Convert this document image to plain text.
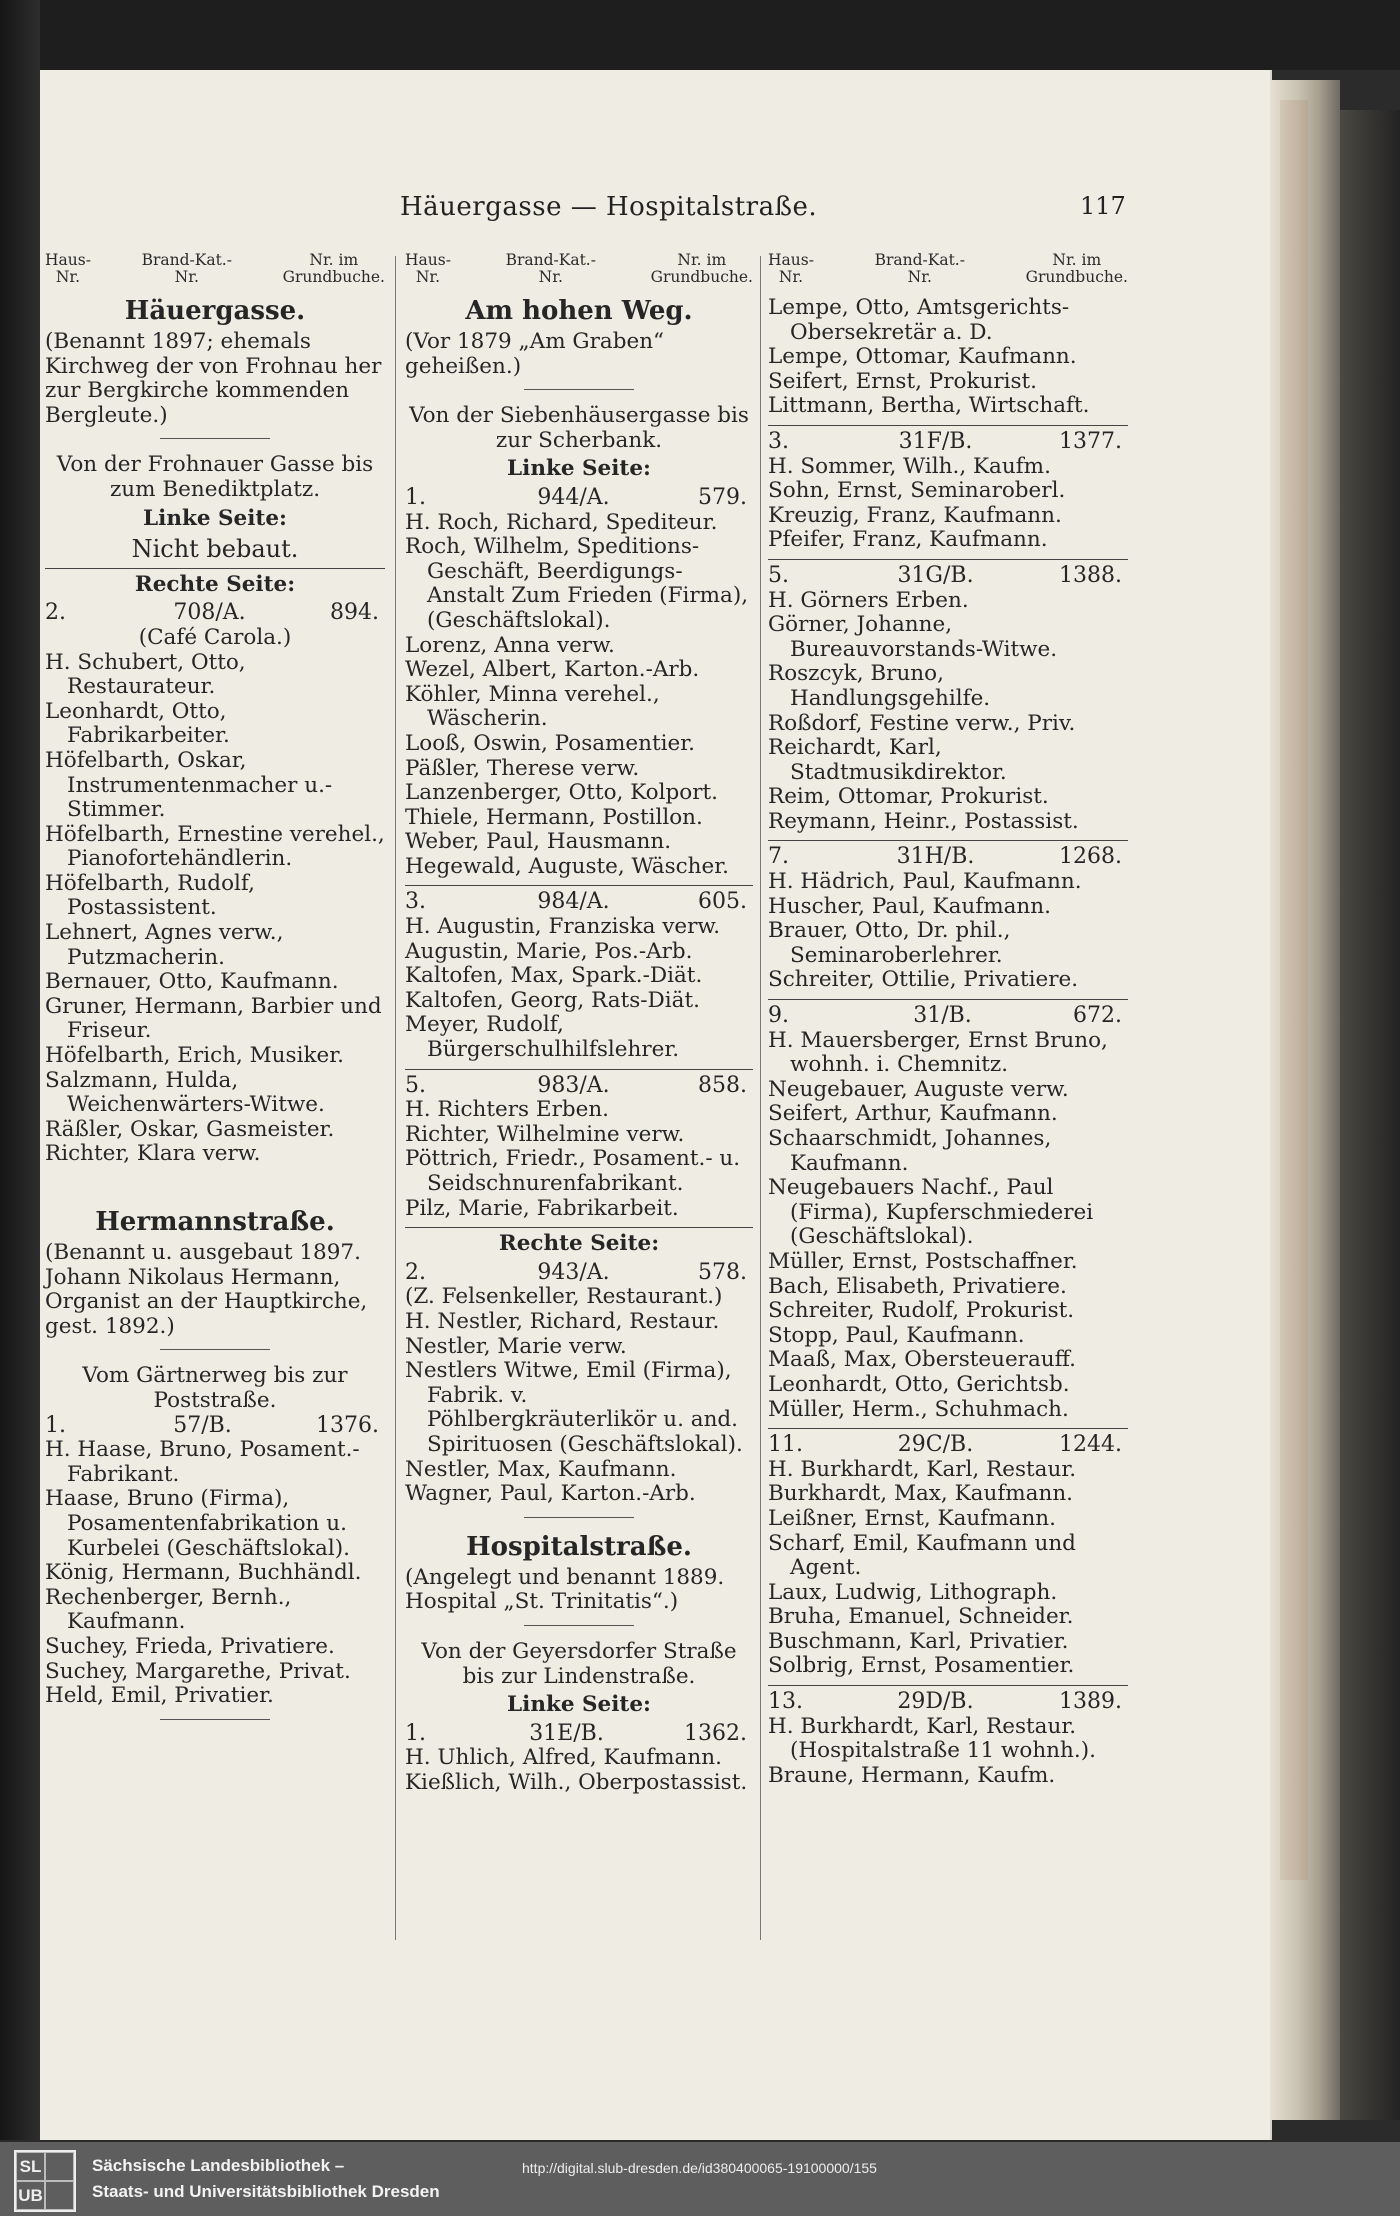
Häuergasse — Hospitalstraße.	117
Haus-
Nr.
Brand-Kat.-
Nr.
Nr. im
Grundbuche.
Häuergasse.
(Benannt 1897; ehemals Kirchweg der von Frohnau her zur Bergkirche kommenden Bergleute.)
Von der Frohnauer Gasse bis zum Benediktplatz.
Linke Seite:
Nicht bebaut.
Rechte Seite:
2.	708/A.	894.
(Café Carola.)
H. Schubert, Otto, Restaurateur.
Leonhardt, Otto, Fabrikarbeiter.
Höfelbarth, Oskar, Instrumentenmacher u.-Stimmer.
Höfelbarth, Ernestine verehel., Pianofortehändlerin.
Höfelbarth, Rudolf, Postassistent.
Lehnert, Agnes verw., Putzmacherin.
Bernauer, Otto, Kaufmann.
Gruner, Hermann, Barbier und Friseur.
Höfelbarth, Erich, Musiker.
Salzmann, Hulda, Weichenwärters-Witwe.
Räßler, Oskar, Gasmeister.
Richter, Klara verw.
Hermannstraße.
(Benannt u. ausgebaut 1897. Johann Nikolaus Hermann, Organist an der Hauptkirche, gest. 1892.)
Vom Gärtnerweg bis zur Poststraße.
1.	57/B.	1376.
H. Haase, Bruno, Posament.-Fabrikant.
Haase, Bruno (Firma), Posamentenfabrikation u. Kurbelei (Geschäftslokal).
König, Hermann, Buchhändl.
Rechenberger, Bernh., Kaufmann.
Suchey, Frieda, Privatiere.
Suchey, Margarethe, Privat.
Held, Emil, Privatier.
Haus-
Nr.
Brand-Kat.-
Nr.
Nr. im
Grundbuche.
Am hohen Weg.
(Vor 1879 „Am Graben“ geheißen.)
Von der Siebenhäusergasse bis zur Scherbank.
Linke Seite:
1.	944/A.	579.
H. Roch, Richard, Spediteur.
Roch, Wilhelm, Speditions-Geschäft, Beerdigungs-Anstalt Zum Frieden (Firma), (Geschäftslokal).
Lorenz, Anna verw.
Wezel, Albert, Karton.-Arb.
Köhler, Minna verehel., Wäscherin.
Looß, Oswin, Posamentier.
Päßler, Therese verw.
Lanzenberger, Otto, Kolport.
Thiele, Hermann, Postillon.
Weber, Paul, Hausmann.
Hegewald, Auguste, Wäscher.
3.	984/A.	605.
H. Augustin, Franziska verw.
Augustin, Marie, Pos.-Arb.
Kaltofen, Max, Spark.-Diät.
Kaltofen, Georg, Rats-Diät.
Meyer, Rudolf, Bürgerschulhilfslehrer.
5.	983/A.	858.
H. Richters Erben.
Richter, Wilhelmine verw.
Pöttrich, Friedr., Posament.- u. Seidschnurenfabrikant.
Pilz, Marie, Fabrikarbeit.
Rechte Seite:
2.	943/A.	578.
(Z. Felsenkeller, Restaurant.)
H. Nestler, Richard, Restaur.
Nestler, Marie verw.
Nestlers Witwe, Emil (Firma), Fabrik. v. Pöhlbergkräuterlikör u. and. Spirituosen (Geschäftslokal).
Nestler, Max, Kaufmann.
Wagner, Paul, Karton.-Arb.
Hospitalstraße.
(Angelegt und benannt 1889. Hospital „St. Trinitatis“.)
Von der Geyersdorfer Straße bis zur Lindenstraße.
Linke Seite:
1.	31E/B.	1362.
H. Uhlich, Alfred, Kaufmann.
Kießlich, Wilh., Oberpostassist.
Haus-
Nr.
Brand-Kat.-
Nr.
Nr. im
Grundbuche.
Lempe, Otto, Amtsgerichts-Obersekretär a. D.
Lempe, Ottomar, Kaufmann.
Seifert, Ernst, Prokurist.
Littmann, Bertha, Wirtschaft.
3.	31F/B.	1377.
H. Sommer, Wilh., Kaufm.
Sohn, Ernst, Seminaroberl.
Kreuzig, Franz, Kaufmann.
Pfeifer, Franz, Kaufmann.
5.	31G/B.	1388.
H. Görners Erben.
Görner, Johanne, Bureauvorstands-Witwe.
Roszcyk, Bruno, Handlungsgehilfe.
Roßdorf, Festine verw., Priv.
Reichardt, Karl, Stadtmusikdirektor.
Reim, Ottomar, Prokurist.
Reymann, Heinr., Postassist.
7.	31H/B.	1268.
H. Hädrich, Paul, Kaufmann.
Huscher, Paul, Kaufmann.
Brauer, Otto, Dr. phil., Seminaroberlehrer.
Schreiter, Ottilie, Privatiere.
9.	31/B.	672.
H. Mauersberger, Ernst Bruno, wohnh. i. Chemnitz.
Neugebauer, Auguste verw.
Seifert, Arthur, Kaufmann.
Schaarschmidt, Johannes, Kaufmann.
Neugebauers Nachf., Paul (Firma), Kupferschmiederei (Geschäftslokal).
Müller, Ernst, Postschaffner.
Bach, Elisabeth, Privatiere.
Schreiter, Rudolf, Prokurist.
Stopp, Paul, Kaufmann.
Maaß, Max, Obersteuerauff.
Leonhardt, Otto, Gerichtsb.
Müller, Herm., Schuhmach.
11.	29C/B.	1244.
H. Burkhardt, Karl, Restaur.
Burkhardt, Max, Kaufmann.
Leißner, Ernst, Kaufmann.
Scharf, Emil, Kaufmann und Agent.
Laux, Ludwig, Lithograph.
Bruha, Emanuel, Schneider.
Buschmann, Karl, Privatier.
Solbrig, Ernst, Posamentier.
13.	29D/B.	1389.
H. Burkhardt, Karl, Restaur. (Hospitalstraße 11 wohnh.).
Braune, Hermann, Kaufm.
SL
UB
Sächsische Landesbibliothek –
Staats- und Universitätsbibliothek Dresden
http://digital.slub-dresden.de/id380400065-19100000/155
